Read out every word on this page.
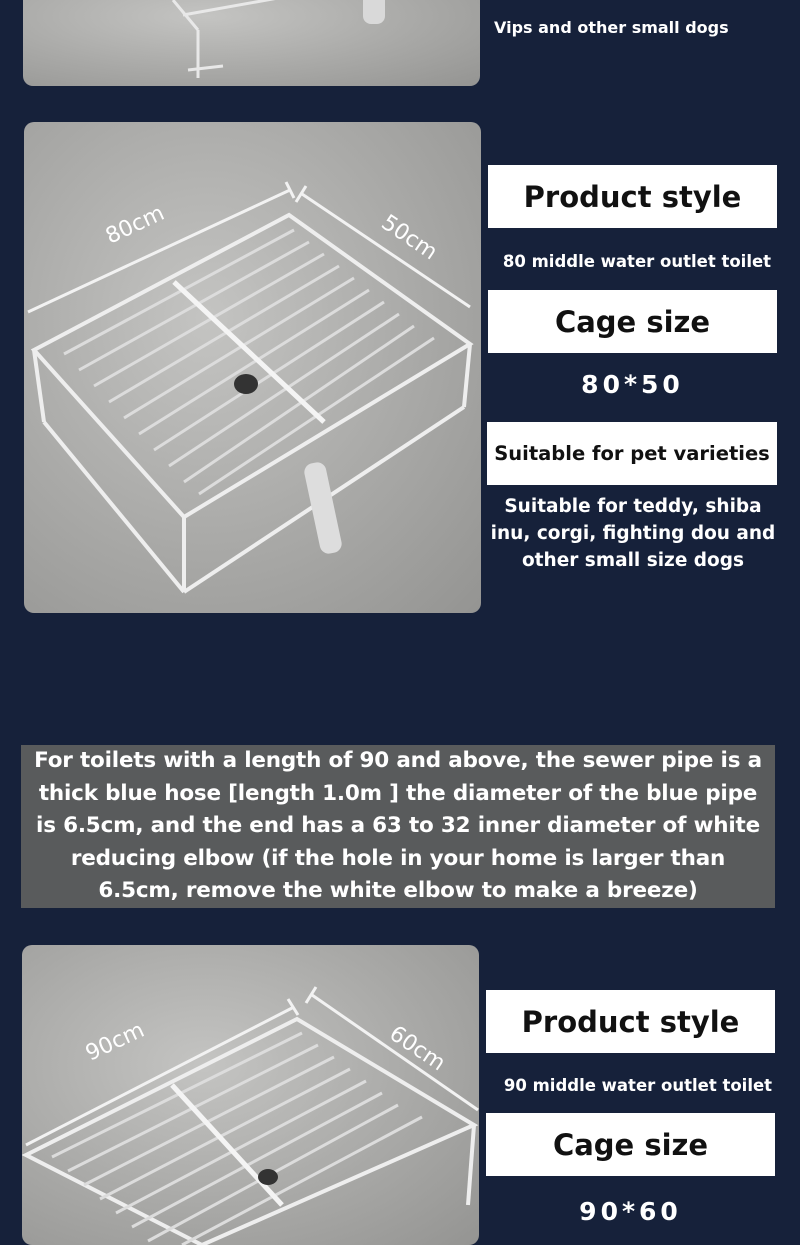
Vips and other small dogs
80cm	50cm
Product style
80 middle water outlet toilet
Cage size
80*50
Suitable for pet varieties
Suitable for teddy, shiba inu, corgi, fighting dou and other small size dogs
For toilets with a length of 90 and above, the sewer pipe is a thick blue hose [length 1.0m ] the diameter of the blue pipe is 6.5cm, and the end has a 63 to 32 inner diameter of white reducing elbow (if the hole in your home is larger than 6.5cm, remove the white elbow to make a breeze)
90cm	60cm	Product style
90 middle water outlet toilet
Cage size
90*60
